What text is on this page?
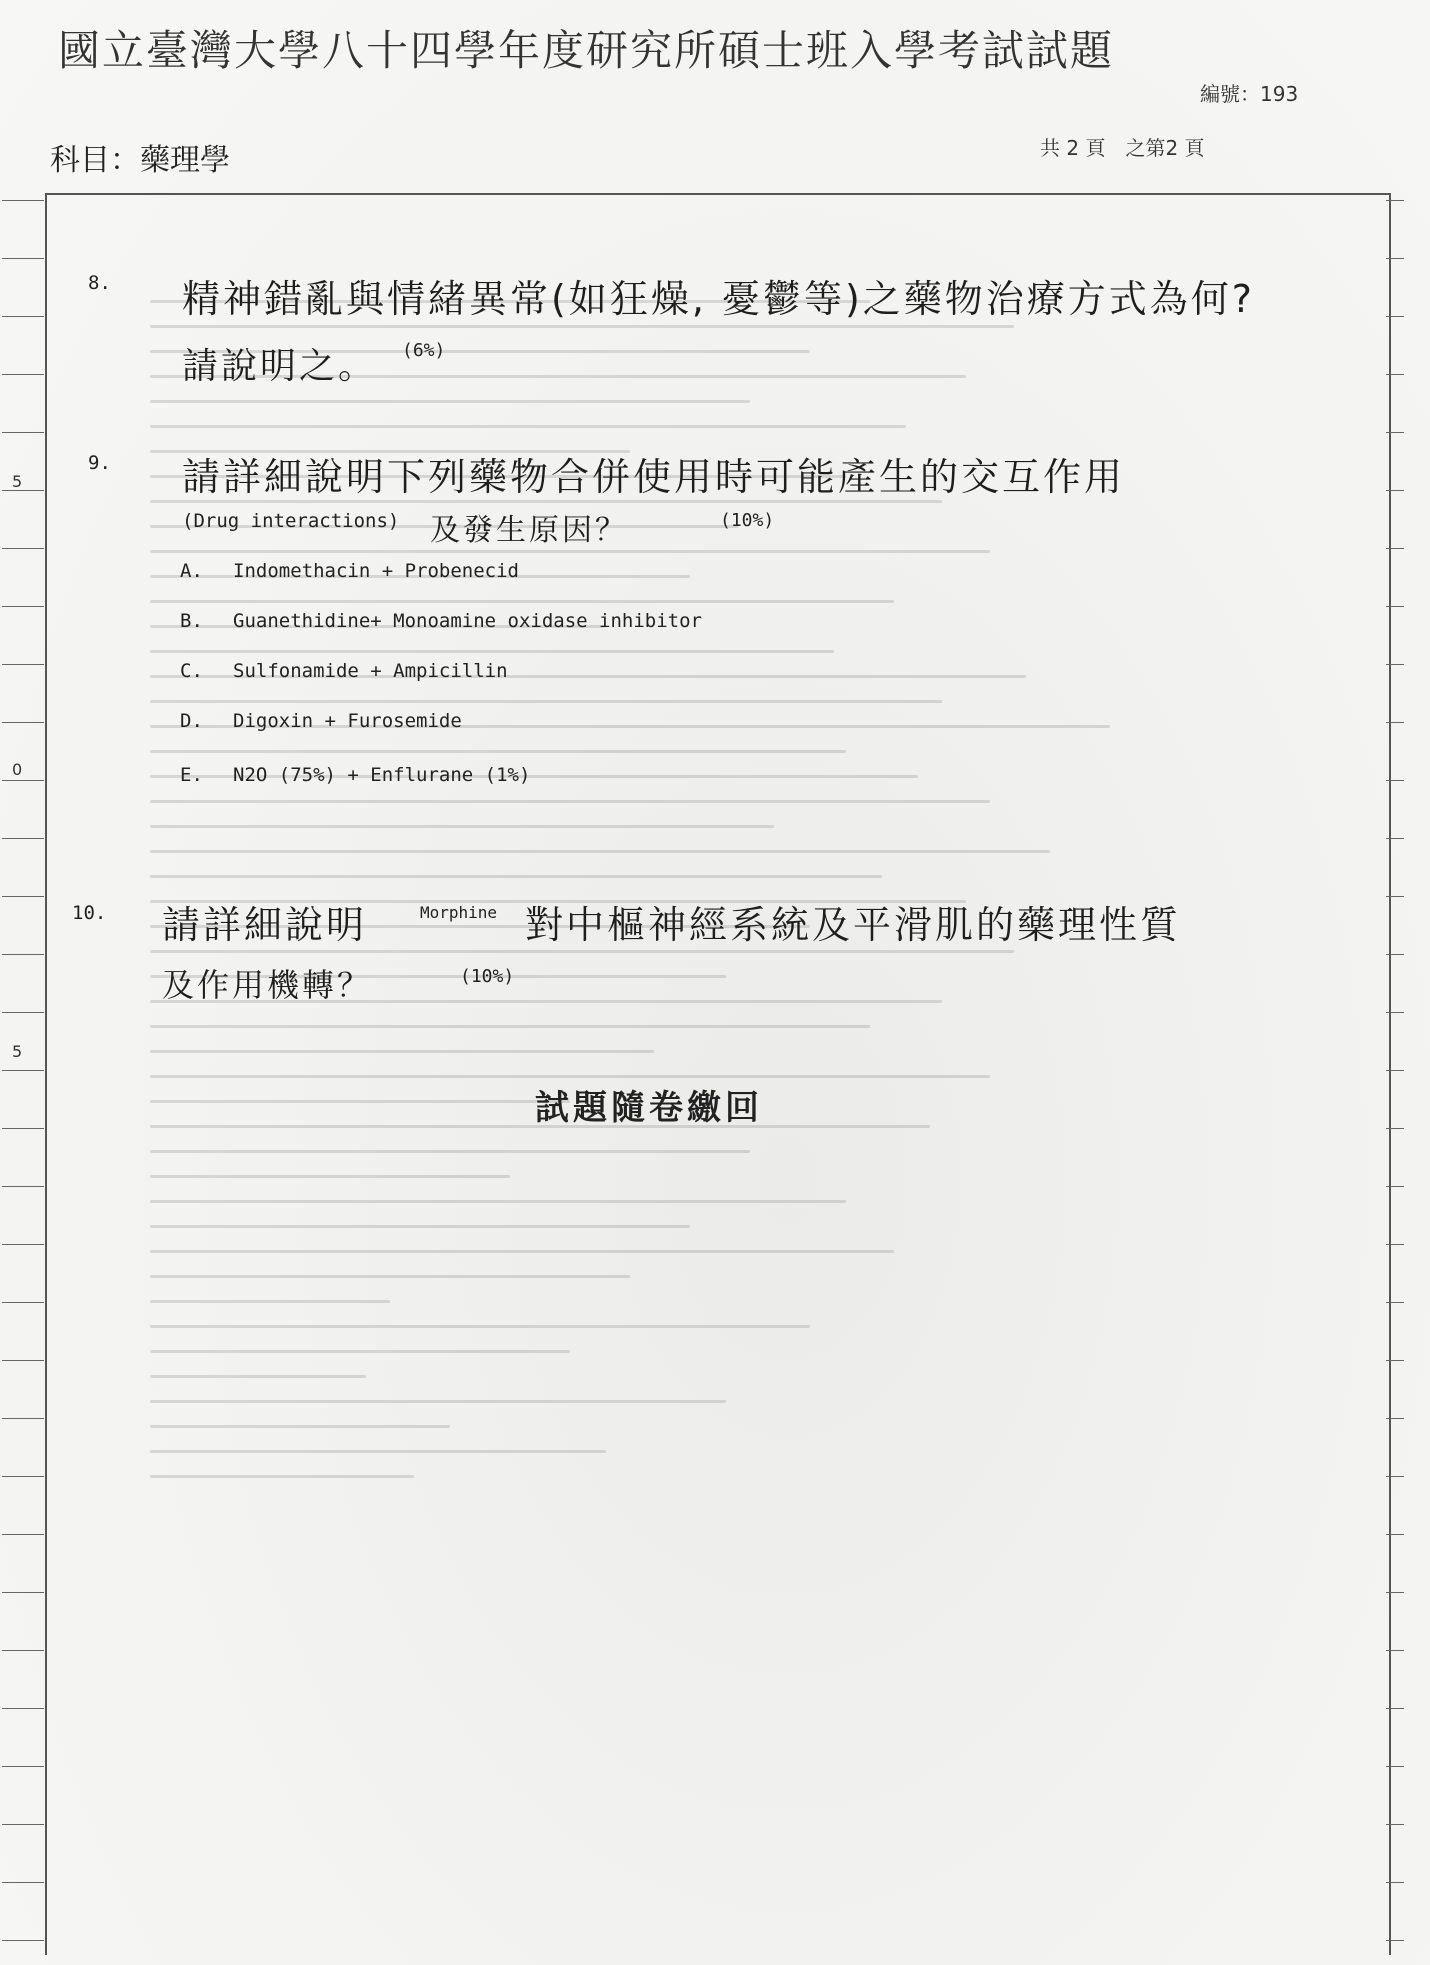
國立臺灣大學八十四學年度研究所碩士班入學考試試題
編號：193
科目：藥理學	共 2 頁　之第2 頁
5
0
5
8. 精神錯亂與情緒異常(如狂燥, 憂鬱等)之藥物治療方式為何?
請說明之。 (6%)
9. 請詳細說明下列藥物合併使用時可能產生的交互作用
(Drug interactions) 及發生原因？	(10%)
A. Indomethacin + Probenecid
B. Guanethidine+ Monoamine oxidase inhibitor
C. Sulfonamide + Ampicillin
D. Digoxin + Furosemide
E. N2O (75%) + Enflurane (1%)
10. 請詳細說明	Morphine 對中樞神經系統及平滑肌的藥理性質
及作用機轉？	(10%)
試題隨卷繳回
